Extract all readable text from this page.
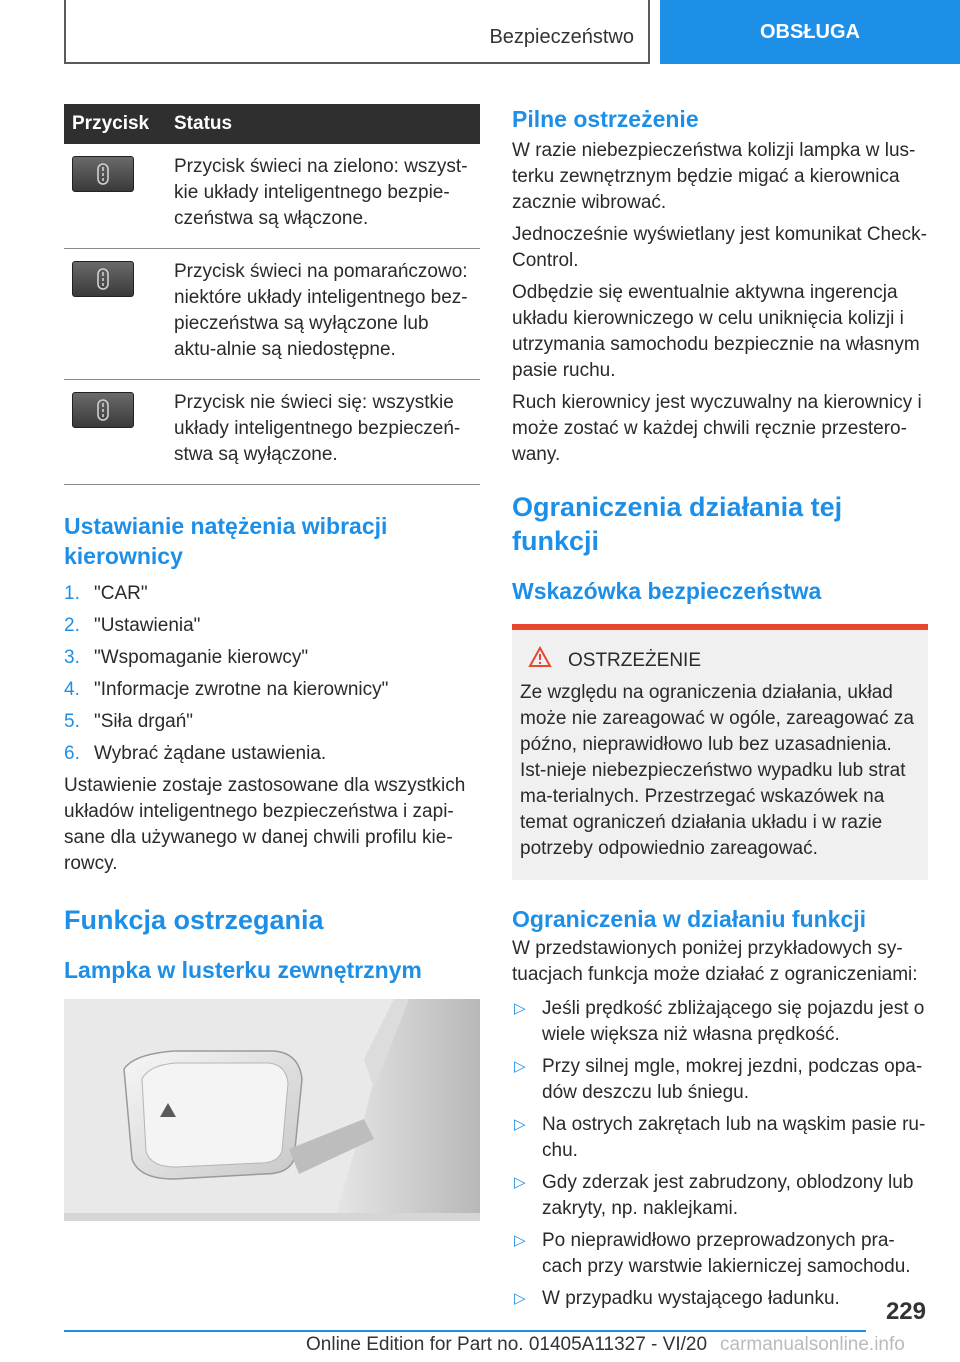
Bezpieczeństwo	OBSŁUGA
Przycisk	Status

	Przycisk świeci na zielono: wszyst-kie układy inteligentnego bezpie-czeństwa są włączone.

	Przycisk świeci na pomarańczowo: niektóre układy inteligentnego bez-pieczeństwa są wyłączone lub aktu-alnie są niedostępne.

	Przycisk nie świeci się: wszystkie układy inteligentnego bezpieczeń-stwa są wyłączone.
Ustawianie natężenia wibracji kierownicy
1. "CAR"
2. "Ustawienia"
3. "Wspomaganie kierowcy"
4. "Informacje zwrotne na kierownicy"
5. "Siła drgań"
6. Wybrać żądane ustawienia.

Ustawienie zostaje zastosowane dla wszystkich układów inteligentnego bezpieczeństwa i zapi-sane dla używanego w danej chwili profilu kie-rowcy.

Funkcja ostrzegania
Lampka w lusterku zewnętrznym
Pilne ostrzeżenie

W razie niebezpieczeństwa kolizji lampka w lus-terku zewnętrznym będzie migać a kierownica zacznie wibrować.

Jednocześnie wyświetlany jest komunikat Check-Control.

Odbędzie się ewentualnie aktywna ingerencja układu kierowniczego w celu uniknięcia kolizji i utrzymania samochodu bezpiecznie na własnym pasie ruchu.

Ruch kierownicy jest wyczuwalny na kierownicy i może zostać w każdej chwili ręcznie przestero-wany.

Ograniczenia działania tej funkcji
Wskazówka bezpieczeństwa
OSTRZEŻENIE

Ze względu na ograniczenia działania, układ może nie zareagować w ogóle, zareagować za późno, nieprawidłowo lub bez uzasadnienia. Ist-nieje niebezpieczeństwo wypadku lub strat ma-terialnych. Przestrzegać wskazówek na temat ograniczeń działania układu i w razie potrzeby odpowiednio zareagować.

Ograniczenia w działaniu funkcji

W przedstawionych poniżej przykładowych sy-tuacjach funkcja może działać z ograniczeniami:

▷ Jeśli prędkość zbliżającego się pojazdu jest o wiele większa niż własna prędkość.
▷ Przy silnej mgle, mokrej jezdni, podczas opa-dów deszczu lub śniegu.
▷ Na ostrych zakrętach lub na wąskim pasie ru-chu.
▷ Gdy zderzak jest zabrudzony, oblodzony lub zakryty, np. naklejkami.
▷ Po nieprawidłowo przeprowadzonych pra-cach przy warstwie lakierniczej samochodu.
▷ W przypadku wystającego ładunku. 229
Online Edition for Part no. 01405A11327 - VI/20 carmanualsonline.info
